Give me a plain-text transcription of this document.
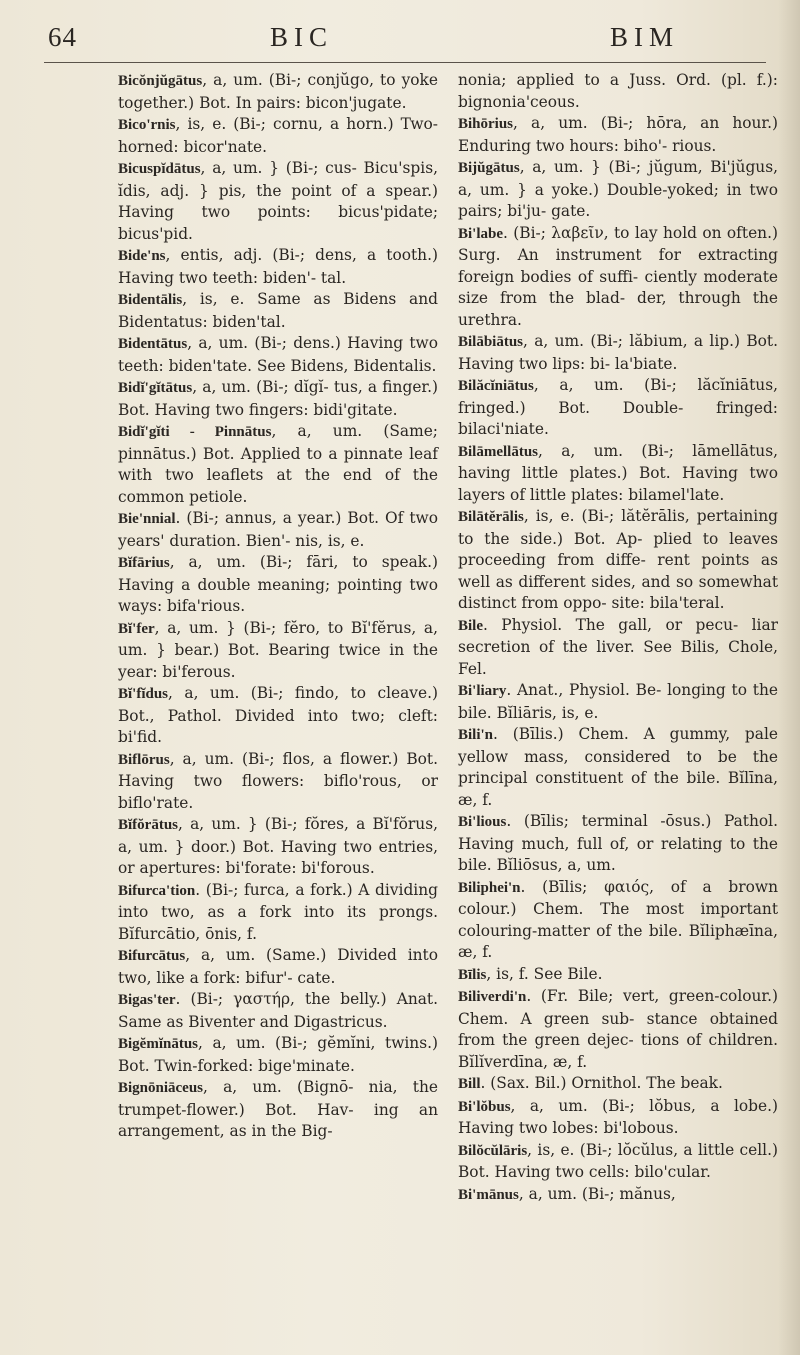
64	BIC	BIM

Bicŏnjŭgātus, a, um. (Bi-; conjŭgo, to yoke together.) Bot. In pairs: bicon'jugate.

Bico'rnis, is, e. (Bi-; cornu, a horn.) Two-horned: bicor'nate.

Bicuspĭdātus, a, um. } (Bi-; cus- Bicu'spis, ĭdis, adj. } pis, the point of a spear.) Having two points: bicus'pidate; bicus'pid.

Bide'ns, entis, adj. (Bi-; dens, a tooth.) Having two teeth: biden'- tal.

Bidentālis, is, e. Same as Bidens and Bidentatus: biden'tal.

Bidentātus, a, um. (Bi-; dens.) Having two teeth: biden'tate. See Bidens, Bidentalis.

Bidĭ'gĭtātus, a, um. (Bi-; dĭgĭ- tus, a finger.) Bot. Having two fingers: bidi'gitate.

Bidĭ'gĭti - Pinnātus, a, um. (Same; pinnātus.) Bot. Applied to a pinnate leaf with two leaflets at the end of the common petiole.

Bie'nnial. (Bi-; annus, a year.) Bot. Of two years' duration. Bien'- nis, is, e.

Bĭfārius, a, um. (Bi-; fāri, to speak.) Having a double meaning; pointing two ways: bifa'rious.

Bĭ'fer, a, um. } (Bi-; fĕro, to Bĭ'fĕrus, a, um. } bear.) Bot. Bearing twice in the year: bi'ferous.

Bĭ'fĭdus, a, um. (Bi-; findo, to cleave.) Bot., Pathol. Divided into two; cleft: bi'fid.

Biflōrus, a, um. (Bi-; flos, a flower.) Bot. Having two flowers: biflo'rous, or biflo'rate.

Bĭfŏrātus, a, um. } (Bi-; fŏres, a Bĭ'fŏrus, a, um. } door.) Bot. Having two entries, or apertures: bi'forate: bi'forous.

Bifurca'tion. (Bi-; furca, a fork.) A dividing into two, as a fork into its prongs. Bĭfurcātio, ōnis, f.

Bifurcātus, a, um. (Same.) Divided into two, like a fork: bifur'- cate.

Bigas'ter. (Bi-; γαστήρ, the belly.) Anat. Same as Biventer and Digastricus.

Bigĕmĭnātus, a, um. (Bi-; gĕmĭni, twins.) Bot. Twin-forked: bige'minate.

Bignōniāceus, a, um. (Bignō- nia, the trumpet-flower.) Bot. Hav- ing an arrangement, as in the Big-

nonia; applied to a Juss. Ord. (pl. f.): bignonia'ceous.

Bihōrius, a, um. (Bi-; hōra, an hour.) Enduring two hours: biho'- rious.

Bijŭgātus, a, um. } (Bi-; jŭgum, Bi'jŭgus, a, um. } a yoke.) Double-yoked; in two pairs; bi'ju- gate.

Bi'labe. (Bi-; λαβεῖν, to lay hold on often.) Surg. An instrument for extracting foreign bodies of suffi- ciently moderate size from the blad- der, through the urethra.

Bilābiātus, a, um. (Bi-; lăbium, a lip.) Bot. Having two lips: bi- la'biate.

Bilăcĭniātus, a, um. (Bi-; lăcĭniātus, fringed.) Bot. Double- fringed: bilaci'niate.

Bilāmellātus, a, um. (Bi-; lāmellātus, having little plates.) Bot. Having two layers of little plates: bilamel'late.

Bilātĕrālis, is, e. (Bi-; lătĕrālis, pertaining to the side.) Bot. Ap- plied to leaves proceeding from diffe- rent points as well as different sides, and so somewhat distinct from oppo- site: bila'teral.

Bile. Physiol. The gall, or pecu- liar secretion of the liver. See Bilis, Chole, Fel.

Bi'liary. Anat., Physiol. Be- longing to the bile. Bĭliāris, is, e.

Bili'n. (Bīlis.) Chem. A gummy, pale yellow mass, considered to be the principal constituent of the bile. Bĭlīna, æ, f.

Bi'lious. (Bīlis; terminal -ōsus.) Pathol. Having much, full of, or relating to the bile. Bĭliōsus, a, um.

Biliphei'n. (Bīlis; φαιός, of a brown colour.) Chem. The most important colouring-matter of the bile. Bĭliphæīna, æ, f.

Bīlis, is, f. See Bile.

Biliverdi'n. (Fr. Bile; vert, green-colour.) Chem. A green sub- stance obtained from the green dejec- tions of children. Bĭlĭverdīna, æ, f.

Bill. (Sax. Bil.) Ornithol. The beak.

Bi'lŏbus, a, um. (Bi-; lŏbus, a lobe.) Having two lobes: bi'lobous.

Bilŏcŭlāris, is, e. (Bi-; lŏcŭlus, a little cell.) Bot. Having two cells: bilo'cular.

Bi'mānus, a, um. (Bi-; mănus,
